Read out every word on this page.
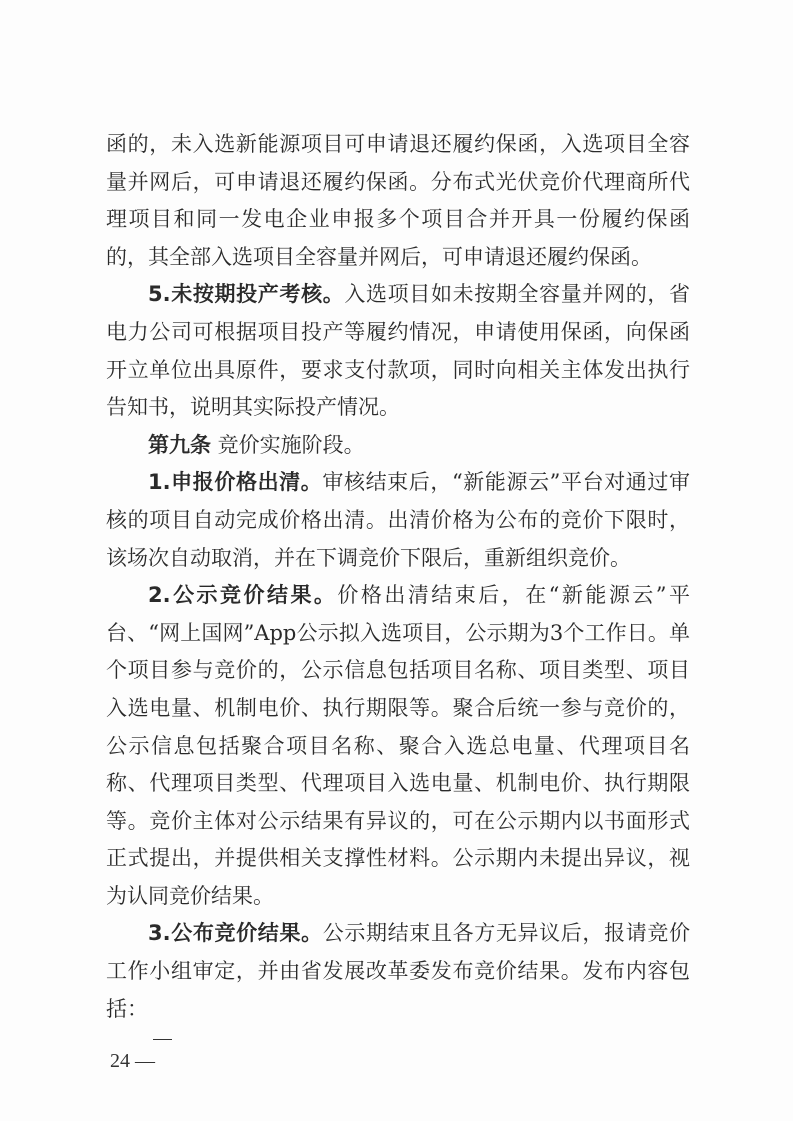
函的，未入选新能源项目可申请退还履约保函，入选项目全容量并网后，可申请退还履约保函。分布式光伏竞价代理商所代理项目和同一发电企业申报多个项目合并开具一份履约保函的，其全部入选项目全容量并网后，可申请退还履约保函。

5.未按期投产考核。入选项目如未按期全容量并网的，省电力公司可根据项目投产等履约情况，申请使用保函，向保函开立单位出具原件，要求支付款项，同时向相关主体发出执行告知书，说明其实际投产情况。

第九条 竞价实施阶段。

1.申报价格出清。审核结束后，“新能源云”平台对通过审核的项目自动完成价格出清。出清价格为公布的竞价下限时，该场次自动取消，并在下调竞价下限后，重新组织竞价。

2.公示竞价结果。价格出清结束后，在“新能源云”平台、“网上国网”App公示拟入选项目，公示期为3个工作日。单个项目参与竞价的，公示信息包括项目名称、项目类型、项目入选电量、机制电价、执行期限等。聚合后统一参与竞价的，公示信息包括聚合项目名称、聚合入选总电量、代理项目名称、代理项目类型、代理项目入选电量、机制电价、执行期限等。竞价主体对公示结果有异议的，可在公示期内以书面形式正式提出，并提供相关支撑性材料。公示期内未提出异议，视为认同竞价结果。

3.公布竞价结果。公示期结束且各方无异议后，报请竞价工作小组审定，并由省发展改革委发布竞价结果。发布内容包括：

24 —
